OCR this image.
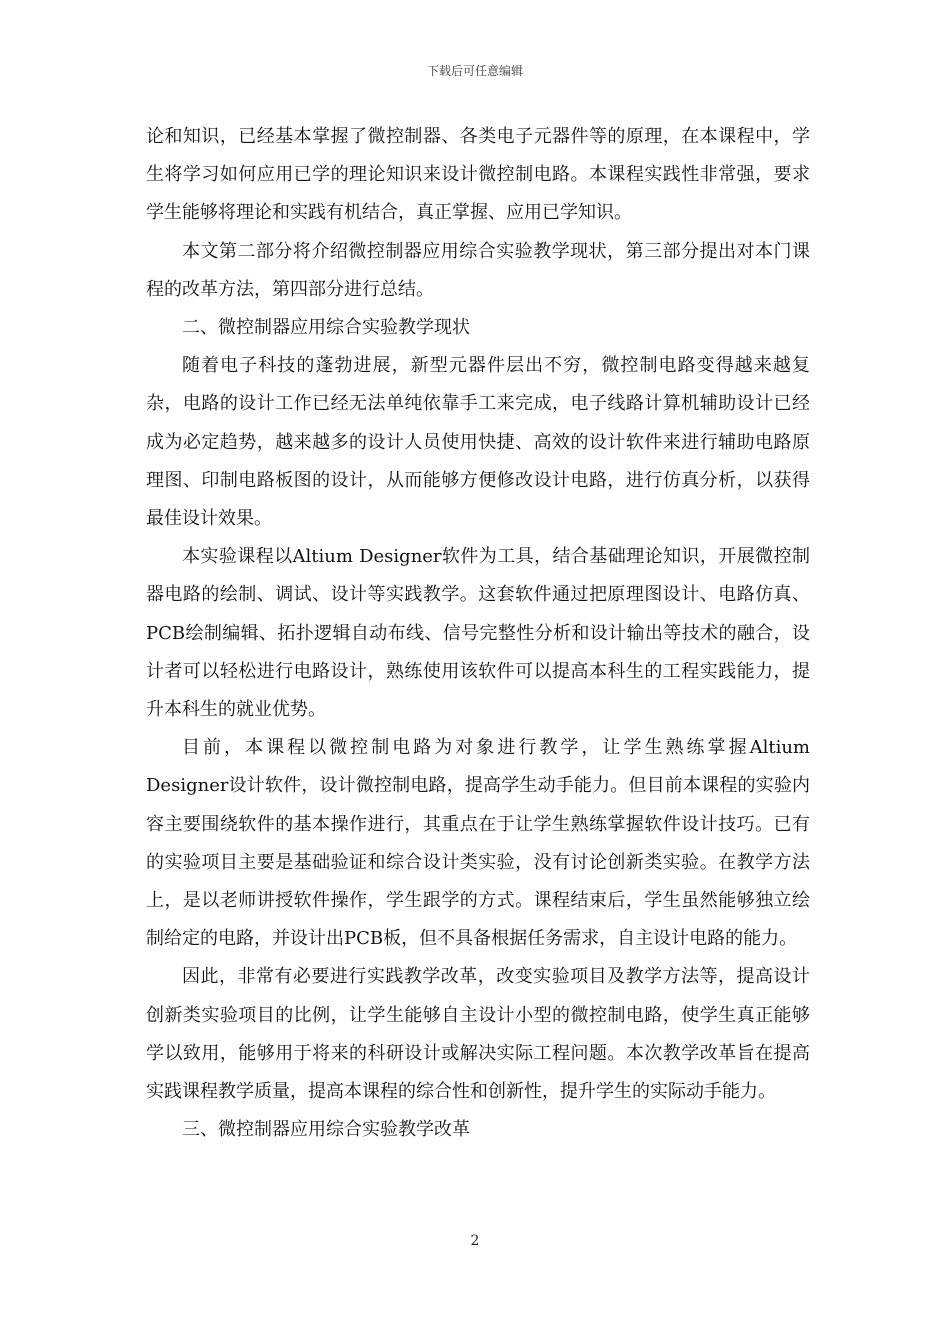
下载后可任意编辑

论和知识，已经基本掌握了微控制器、各类电子元器件等的原理，在本课程中，学生将学习如何应用已学的理论知识来设计微控制电路。本课程实践性非常强，要求学生能够将理论和实践有机结合，真正掌握、应用已学知识。

本文第二部分将介绍微控制器应用综合实验教学现状，第三部分提出对本门课程的改革方法，第四部分进行总结。

二、微控制器应用综合实验教学现状

随着电子科技的蓬勃进展，新型元器件层出不穷，微控制电路变得越来越复杂，电路的设计工作已经无法单纯依靠手工来完成，电子线路计算机辅助设计已经成为必定趋势，越来越多的设计人员使用快捷、高效的设计软件来进行辅助电路原理图、印制电路板图的设计，从而能够方便修改设计电路，进行仿真分析，以获得最佳设计效果。

本实验课程以Altium Designer软件为工具，结合基础理论知识，开展微控制器电路的绘制、调试、设计等实践教学。这套软件通过把原理图设计、电路仿真、PCB绘制编辑、拓扑逻辑自动布线、信号完整性分析和设计输出等技术的融合，设计者可以轻松进行电路设计，熟练使用该软件可以提高本科生的工程实践能力，提升本科生的就业优势。

目前，本课程以微控制电路为对象进行教学，让学生熟练掌握Altium Designer设计软件，设计微控制电路，提高学生动手能力。但目前本课程的实验内容主要围绕软件的基本操作进行，其重点在于让学生熟练掌握软件设计技巧。已有的实验项目主要是基础验证和综合设计类实验，没有讨论创新类实验。在教学方法上，是以老师讲授软件操作，学生跟学的方式。课程结束后，学生虽然能够独立绘制给定的电路，并设计出PCB板，但不具备根据任务需求，自主设计电路的能力。

因此，非常有必要进行实践教学改革，改变实验项目及教学方法等，提高设计创新类实验项目的比例，让学生能够自主设计小型的微控制电路，使学生真正能够学以致用，能够用于将来的科研设计或解决实际工程问题。本次教学改革旨在提高实践课程教学质量，提高本课程的综合性和创新性，提升学生的实际动手能力。

三、微控制器应用综合实验教学改革

2
